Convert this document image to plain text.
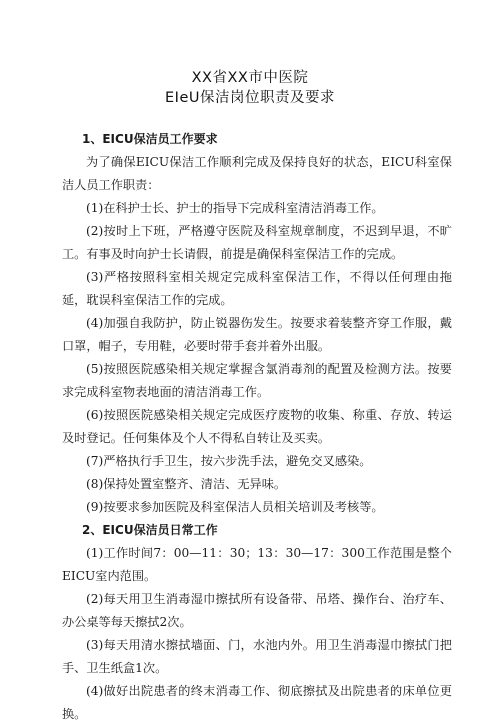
XX省XX市中医院
EIeU保洁岗位职责及要求
1、EICU保洁员工作要求

为了确保EICU保洁工作顺利完成及保持良好的状态，EICU科室保洁人员工作职责：

(1)在科护士长、护士的指导下完成科室清洁消毒工作。

(2)按时上下班，严格遵守医院及科室规章制度，不迟到早退，不旷工。有事及时向护士长请假，前提是确保科室保洁工作的完成。

(3)严格按照科室相关规定完成科室保洁工作，不得以任何理由拖延，耽误科室保洁工作的完成。

(4)加强自我防护，防止锐器伤发生。按要求着装整齐穿工作服，戴口罩，帽子，专用鞋，必要时带手套并着外出服。

(5)按照医院感染相关规定掌握含氯消毒剂的配置及检测方法。按要求完成科室物表地面的清洁消毒工作。

(6)按照医院感染相关规定完成医疗废物的收集、称重、存放、转运及时登记。任何集体及个人不得私自转让及买卖。

(7)严格执行手卫生，按六步洗手法，避免交叉感染。

(8)保持处置室整齐、清洁、无异味。

(9)按要求参加医院及科室保洁人员相关培训及考核等。

2、EICU保洁员日常工作

(1)工作时间7：00—11：30；13：30—17：300工作范围是整个EICU室内范围。

(2)每天用卫生消毒湿巾擦拭所有设备带、吊塔、操作台、治疗车、办公桌等每天擦拭2次。

(3)每天用清水擦拭墙面、门，水池内外。用卫生消毒湿巾擦拭门把手、卫生纸盒1次。

(4)做好出院患者的终末消毒工作、彻底擦拭及出院患者的床单位更换。
